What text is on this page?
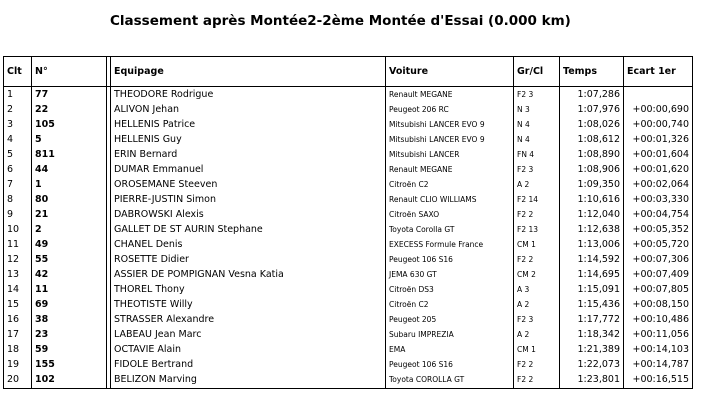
Classement après Montée2-2ème Montée d'Essai (0.000 km)
Clt	N°		Equipage	Voiture	Gr/Cl	Temps	Ecart 1er
1	77		THEODORE Rodrigue	Renault MEGANE	F2 3	1:07,286	
2	22		ALIVON Jehan	Peugeot 206 RC	N 3	1:07,976	+00:00,690
3	105		HELLENIS Patrice	Mitsubishi LANCER EVO 9	N 4	1:08,026	+00:00,740
4	5		HELLENIS Guy	Mitsubishi LANCER EVO 9	N 4	1:08,612	+00:01,326
5	811		ERIN Bernard	Mitsubishi LANCER	FN 4	1:08,890	+00:01,604
6	44		DUMAR Emmanuel	Renault MEGANE	F2 3	1:08,906	+00:01,620
7	1		OROSEMANE Steeven	Citroën C2	A 2	1:09,350	+00:02,064
8	80		PIERRE-JUSTIN Simon	Renault CLIO WILLIAMS	F2 14	1:10,616	+00:03,330
9	21		DABROWSKI Alexis	Citroën SAXO	F2 2	1:12,040	+00:04,754
10	2		GALLET DE ST AURIN Stephane	Toyota Corolla GT	F2 13	1:12,638	+00:05,352
11	49		CHANEL Denis	EXECESS Formule France	CM 1	1:13,006	+00:05,720
12	55		ROSETTE Didier	Peugeot 106 S16	F2 2	1:14,592	+00:07,306
13	42		ASSIER DE POMPIGNAN Vesna Katia	JEMA 630 GT	CM 2	1:14,695	+00:07,409
14	11		THOREL Thony	Citroën DS3	A 3	1:15,091	+00:07,805
15	69		THEOTISTE Willy	Citroën C2	A 2	1:15,436	+00:08,150
16	38		STRASSER Alexandre	Peugeot 205	F2 3	1:17,772	+00:10,486
17	23		LABEAU Jean Marc	Subaru IMPREZIA	A 2	1:18,342	+00:11,056
18	59		OCTAVIE Alain	EMA	CM 1	1:21,389	+00:14,103
19	155		FIDOLE Bertrand	Peugeot 106 S16	F2 2	1:22,073	+00:14,787
20	102		BELIZON Marving	Toyota COROLLA GT	F2 2	1:23,801	+00:16,515
